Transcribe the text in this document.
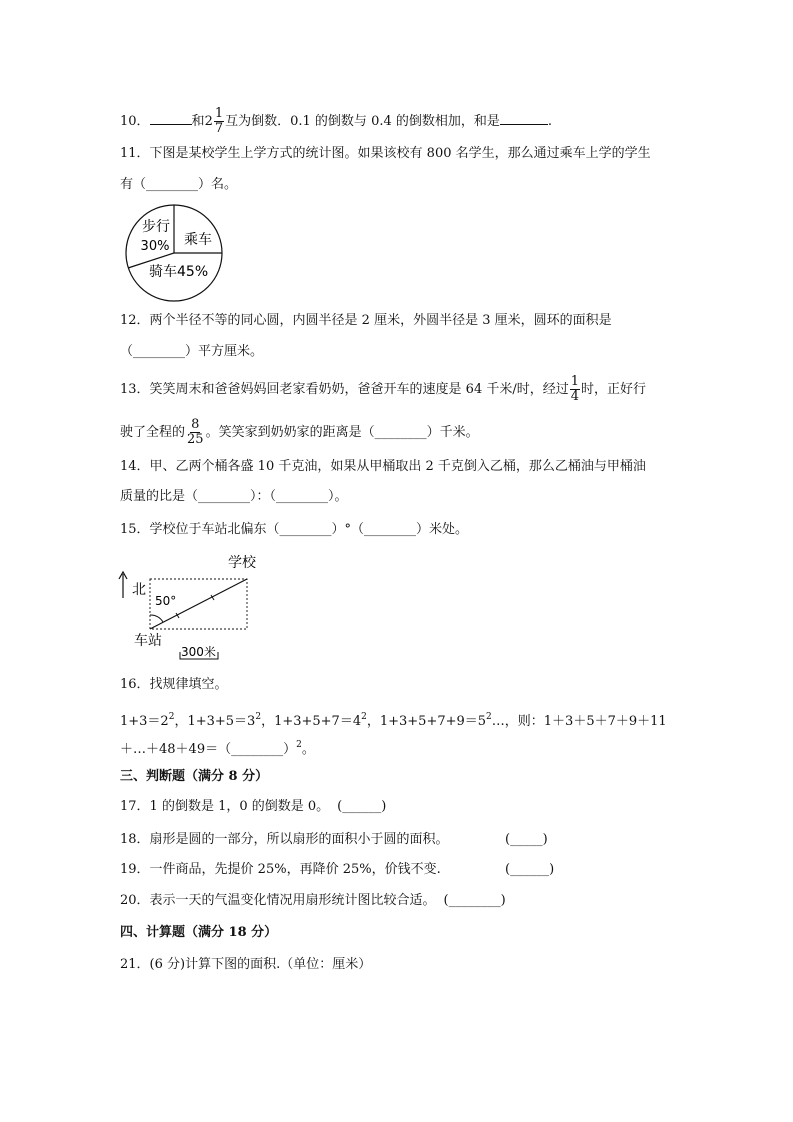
10．	和$2 \frac{1}{7}$ 互为倒数．0.1 的倒数与 0.4 的倒数相加，和是	.
11．下图是某校学生上学方式的统计图。如果该校有 800 名学生，那么通过乘车上学的学生
有（________）名。
步行
30% 乘车
骑车45%
12．两个半径不等的同心圆，内圆半径是 2 厘米，外圆半径是 3 厘米，圆环的面积是
（________）平方厘米。
13．笑笑周末和爸爸妈妈回老家看奶奶，爸爸开车的速度是 64 千米/时，经过 $\frac{1}{4}$ 时，正好行
驶了全程的 $\frac{8}{25}$ 。笑笑家到奶奶家的距离是（________）千米。
14．甲、乙两个桶各盛 10 千克油，如果从甲桶取出 2 千克倒入乙桶，那么乙桶油与甲桶油
质量的比是（________）：（________）。
15．学校位于车站北偏东（________）°（________）米处。
北
50°
学校
车站
300米
16．找规律填空。
$1+3=2^2$，$1+3+5=3^2$，$1+3+5+7=4^2$，$1+3+5+7+9=5^2\dots$，则：1＋3＋5＋7＋9＋11
＋…＋48＋49＝（________）$^2$。
三、判断题（满分 8 分）
17．1 的倒数是 1，0 的倒数是 0。 (______)
18．扇形是圆的一部分，所以扇形的面积小于圆的面积。	(_____)
19．一件商品，先提价 25%，再降价 25%，价钱不变.	(______)
20．表示一天的气温变化情况用扇形统计图比较合适。 (________)
四、计算题（满分 18 分）
21．(6 分)计算下图的面积.（单位：厘米）
